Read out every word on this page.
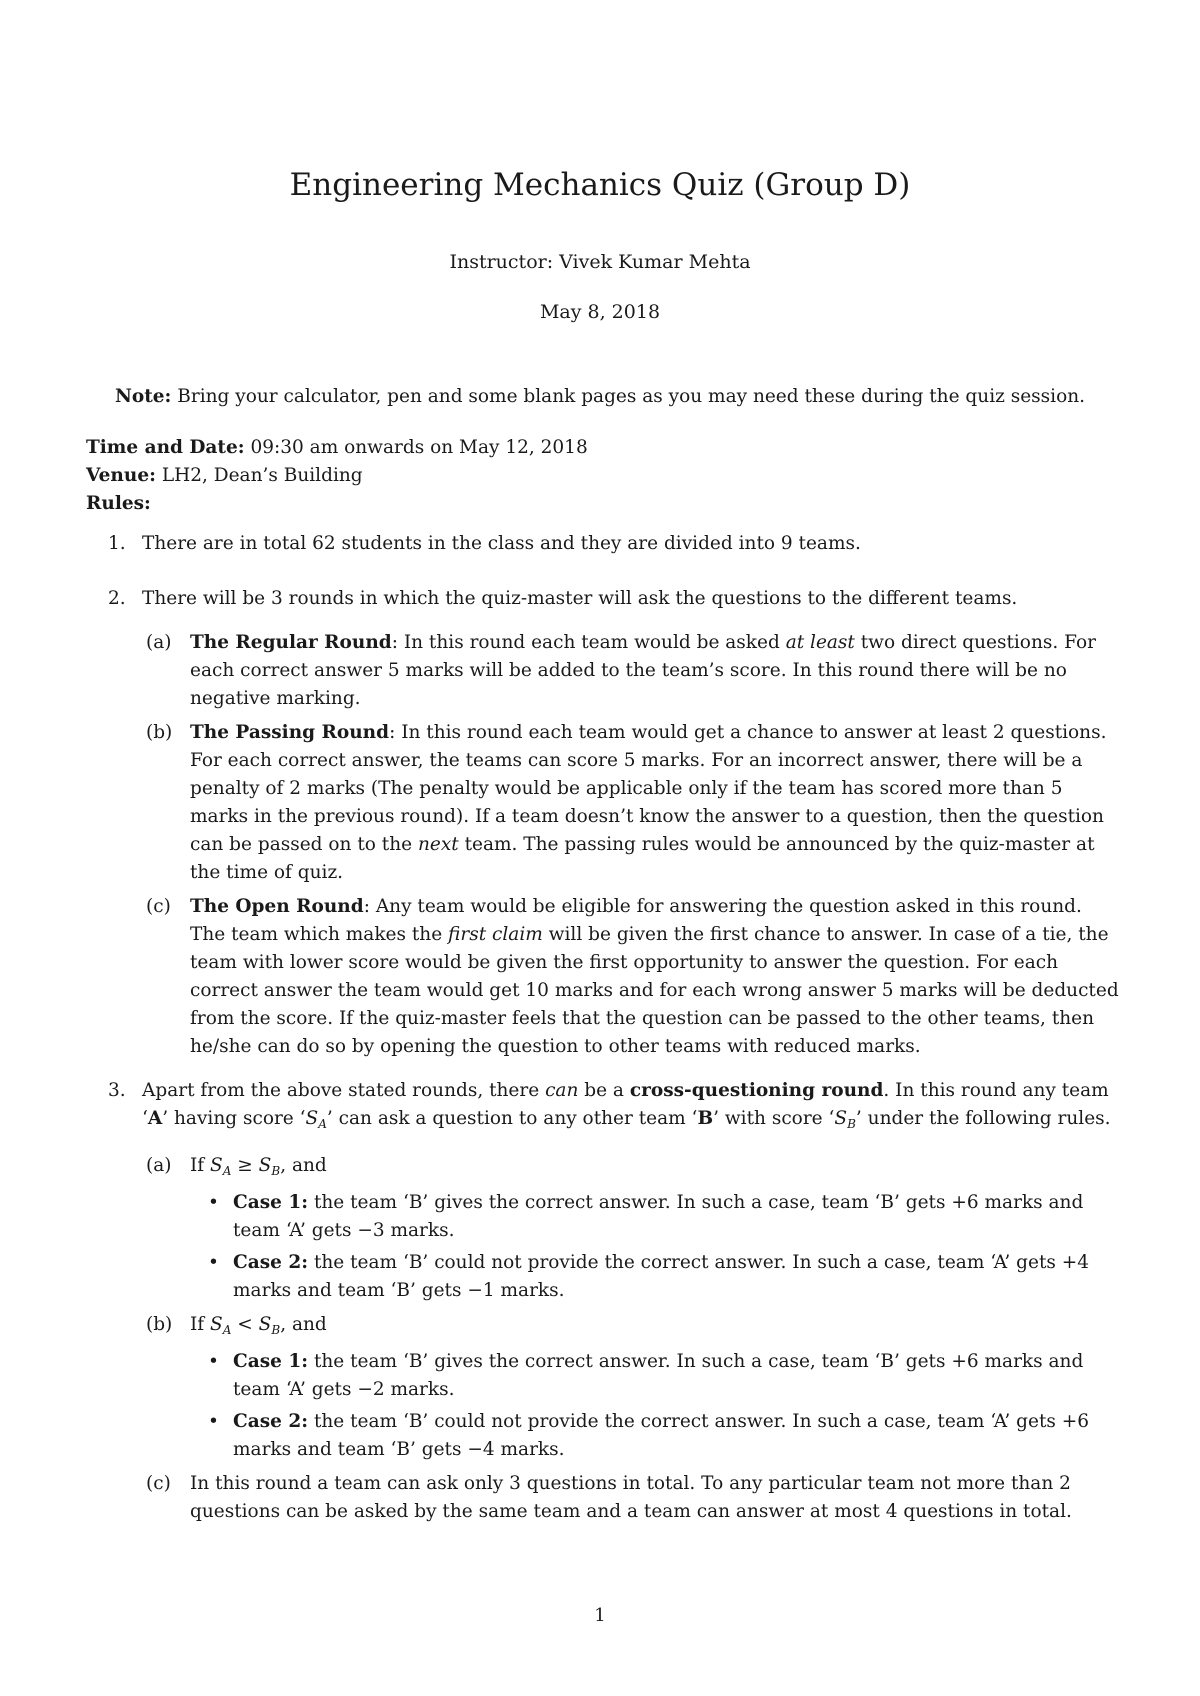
Engineering Mechanics Quiz (Group D)
Instructor: Vivek Kumar Mehta
May 8, 2018
Note: Bring your calculator, pen and some blank pages as you may need these during the quiz session.
Time and Date: 09:30 am onwards on May 12, 2018
Venue: LH2, Dean’s Building
Rules:
1. There are in total 62 students in the class and they are divided into 9 teams.
2. There will be 3 rounds in which the quiz-master will ask the questions to the different teams.
(a) The Regular Round: In this round each team would be asked at least two direct questions. For each correct answer 5 marks will be added to the team’s score. In this round there will be no negative marking.
(b) The Passing Round: In this round each team would get a chance to answer at least 2 questions. For each correct answer, the teams can score 5 marks. For an incorrect answer, there will be a penalty of 2 marks (The penalty would be applicable only if the team has scored more than 5 marks in the previous round). If a team doesn’t know the answer to a question, then the question can be passed on to the next team. The passing rules would be announced by the quiz-master at the time of quiz.
(c) The Open Round: Any team would be eligible for answering the question asked in this round. The team which makes the first claim will be given the first chance to answer. In case of a tie, the team with lower score would be given the first opportunity to answer the question. For each correct answer the team would get 10 marks and for each wrong answer 5 marks will be deducted from the score. If the quiz-master feels that the question can be passed to the other teams, then he/she can do so by opening the question to other teams with reduced marks.
3. Apart from the above stated rounds, there can be a cross-questioning round. In this round any team ‘A’ having score ‘$S_A$’ can ask a question to any other team ‘B’ with score ‘$S_B$’ under the following rules.
(a) If $S_A \ge S_B$, and
• Case 1: the team ‘B’ gives the correct answer. In such a case, team ‘B’ gets +6 marks and team ‘A’ gets −3 marks.
• Case 2: the team ‘B’ could not provide the correct answer. In such a case, team ‘A’ gets +4 marks and team ‘B’ gets −1 marks.
(b) If $S_A < S_B$, and
• Case 1: the team ‘B’ gives the correct answer. In such a case, team ‘B’ gets +6 marks and team ‘A’ gets −2 marks.
• Case 2: the team ‘B’ could not provide the correct answer. In such a case, team ‘A’ gets +6 marks and team ‘B’ gets −4 marks.
(c) In this round a team can ask only 3 questions in total. To any particular team not more than 2 questions can be asked by the same team and a team can answer at most 4 questions in total.
1
